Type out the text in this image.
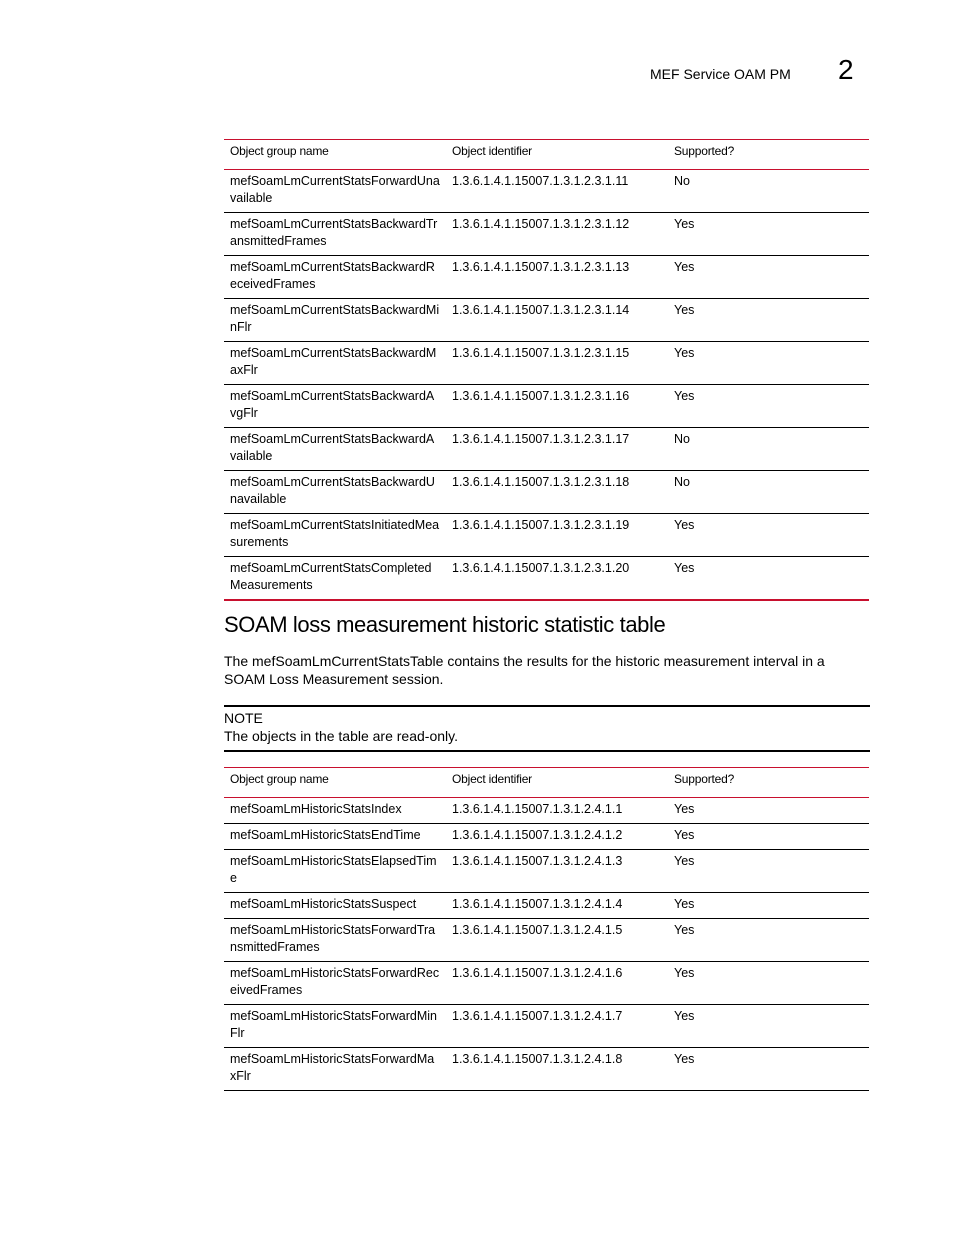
MEF Service OAM PM 2
Object group name	Object identifier	Supported?
mefSoamLmCurrentStatsForwardUnavailable	1.3.6.1.4.1.15007.1.3.1.2.3.1.11	No
mefSoamLmCurrentStatsBackwardTransmittedFrames	1.3.6.1.4.1.15007.1.3.1.2.3.1.12	Yes
mefSoamLmCurrentStatsBackwardReceivedFrames	1.3.6.1.4.1.15007.1.3.1.2.3.1.13	Yes
mefSoamLmCurrentStatsBackwardMinFlr	1.3.6.1.4.1.15007.1.3.1.2.3.1.14	Yes
mefSoamLmCurrentStatsBackwardMaxFlr	1.3.6.1.4.1.15007.1.3.1.2.3.1.15	Yes
mefSoamLmCurrentStatsBackwardAvgFlr	1.3.6.1.4.1.15007.1.3.1.2.3.1.16	Yes
mefSoamLmCurrentStatsBackwardAvailable	1.3.6.1.4.1.15007.1.3.1.2.3.1.17	No
mefSoamLmCurrentStatsBackwardUnavailable	1.3.6.1.4.1.15007.1.3.1.2.3.1.18	No
mefSoamLmCurrentStatsInitiatedMeasurements	1.3.6.1.4.1.15007.1.3.1.2.3.1.19	Yes
mefSoamLmCurrentStatsCompleted Measurements	1.3.6.1.4.1.15007.1.3.1.2.3.1.20	Yes
SOAM loss measurement historic statistic table

The mefSoamLmCurrentStatsTable contains the results for the historic measurement interval in a SOAM Loss Measurement session.

NOTE
The objects in the table are read-only.
Object group name	Object identifier	Supported?
mefSoamLmHistoricStatsIndex	1.3.6.1.4.1.15007.1.3.1.2.4.1.1	Yes
mefSoamLmHistoricStatsEndTime	1.3.6.1.4.1.15007.1.3.1.2.4.1.2	Yes
mefSoamLmHistoricStatsElapsedTime	1.3.6.1.4.1.15007.1.3.1.2.4.1.3	Yes
mefSoamLmHistoricStatsSuspect	1.3.6.1.4.1.15007.1.3.1.2.4.1.4	Yes
mefSoamLmHistoricStatsForwardTransmittedFrames	1.3.6.1.4.1.15007.1.3.1.2.4.1.5	Yes
mefSoamLmHistoricStatsForwardReceivedFrames	1.3.6.1.4.1.15007.1.3.1.2.4.1.6	Yes
mefSoamLmHistoricStatsForwardMinFlr	1.3.6.1.4.1.15007.1.3.1.2.4.1.7	Yes
mefSoamLmHistoricStatsForwardMaxFlr	1.3.6.1.4.1.15007.1.3.1.2.4.1.8	Yes
